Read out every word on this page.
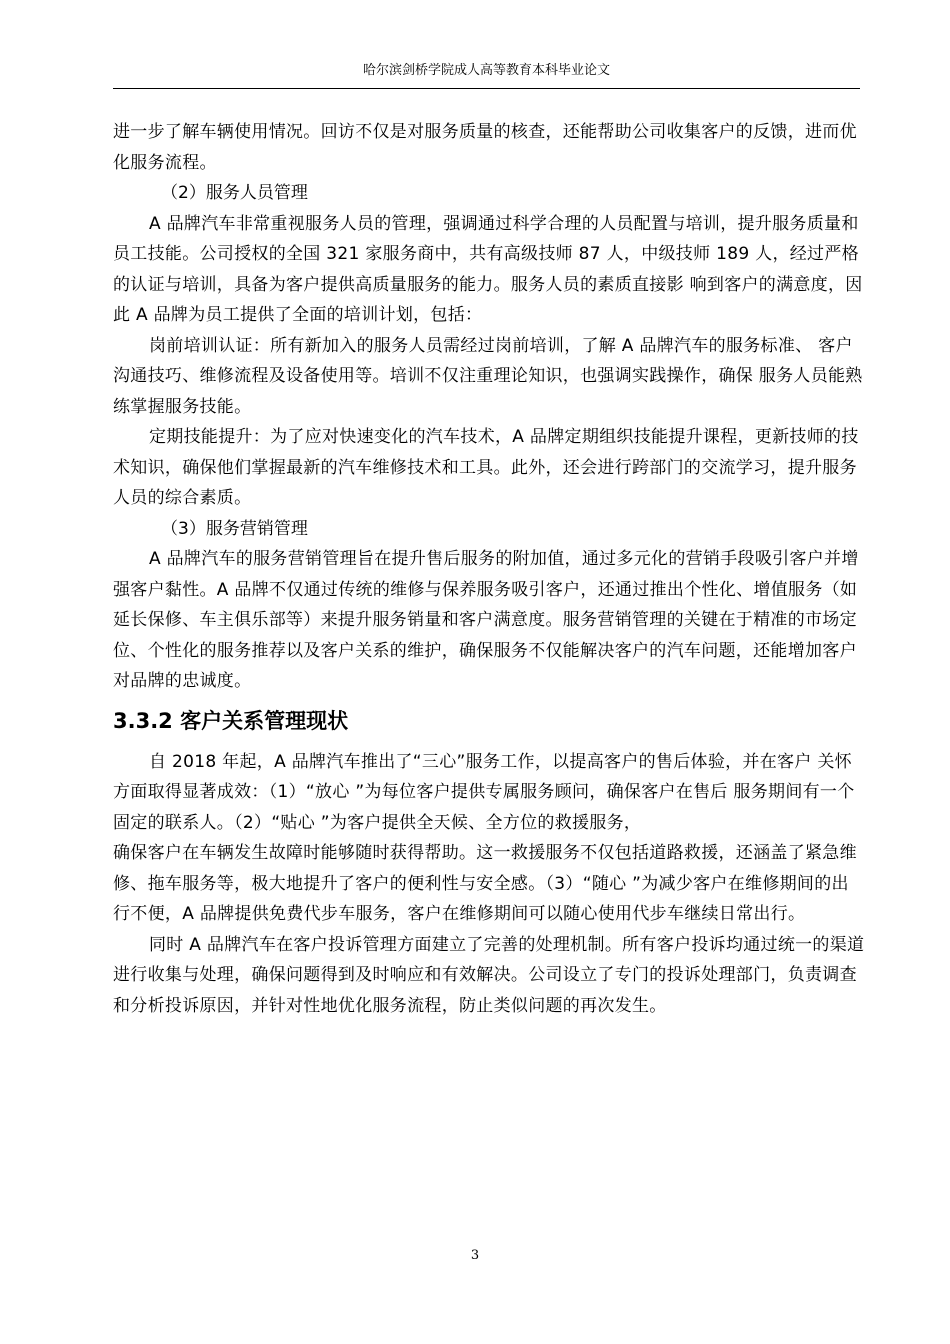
哈尔滨剑桥学院成人高等教育本科毕业论文

进一步了解车辆使用情况。回访不仅是对服务质量的核查，还能帮助公司收集客户的反馈，进而优化服务流程。

（2）服务人员管理

A 品牌汽车非常重视服务人员的管理，强调通过科学合理的人员配置与培训，提升服务质量和员工技能。公司授权的全国 321 家服务商中，共有高级技师 87 人，中级技师 189 人，经过严格的认证与培训，具备为客户提供高质量服务的能力。服务人员的素质直接影 响到客户的满意度，因此 A 品牌为员工提供了全面的培训计划，包括：

岗前培训认证：所有新加入的服务人员需经过岗前培训，了解 A 品牌汽车的服务标准、 客户沟通技巧、维修流程及设备使用等。培训不仅注重理论知识，也强调实践操作，确保 服务人员能熟练掌握服务技能。

定期技能提升：为了应对快速变化的汽车技术，A 品牌定期组织技能提升课程，更新技师的技术知识，确保他们掌握最新的汽车维修技术和工具。此外，还会进行跨部门的交流学习，提升服务人员的综合素质。

（3）服务营销管理

A 品牌汽车的服务营销管理旨在提升售后服务的附加值，通过多元化的营销手段吸引客户并增强客户黏性。A 品牌不仅通过传统的维修与保养服务吸引客户，还通过推出个性化、增值服务（如延长保修、车主俱乐部等）来提升服务销量和客户满意度。服务营销管理的关键在于精准的市场定位、个性化的服务推荐以及客户关系的维护，确保服务不仅能解决客户的汽车问题，还能增加客户对品牌的忠诚度。

3.3.2 客户关系管理现状

自 2018 年起，A 品牌汽车推出了“三心”服务工作，以提高客户的售后体验，并在客户 关怀方面取得显著成效：（1）“放心 ”为每位客户提供专属服务顾问，确保客户在售后 服务期间有一个固定的联系人。（2）“贴心 ”为客户提供全天候、全方位的救援服务，

确保客户在车辆发生故障时能够随时获得帮助。这一救援服务不仅包括道路救援，还涵盖了紧急维修、拖车服务等，极大地提升了客户的便利性与安全感。（3）“随心 ”为减少客户在维修期间的出行不便，A 品牌提供免费代步车服务，客户在维修期间可以随心使用代步车继续日常出行。

同时 A 品牌汽车在客户投诉管理方面建立了完善的处理机制。所有客户投诉均通过统一的渠道进行收集与处理，确保问题得到及时响应和有效解决。公司设立了专门的投诉处理部门，负责调查和分析投诉原因，并针对性地优化服务流程，防止类似问题的再次发生。

3
